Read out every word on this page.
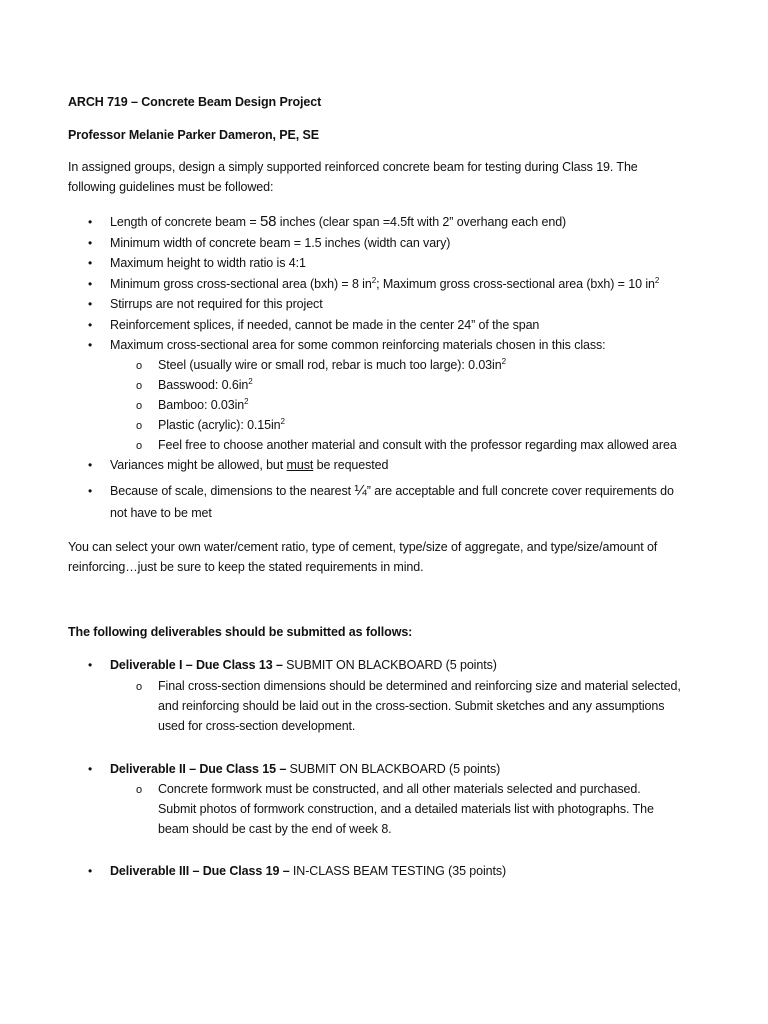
ARCH 719 – Concrete Beam Design Project
Professor Melanie Parker Dameron, PE, SE
In assigned groups, design a simply supported reinforced concrete beam for testing during Class 19. The
following guidelines must be followed:
• Length of concrete beam = 58 inches (clear span =4.5ft with 2” overhang each end)
• Minimum width of concrete beam = 1.5 inches (width can vary)
• Maximum height to width ratio is 4:1
• Minimum gross cross-sectional area (bxh) = 8 $in^2$; Maximum gross cross-sectional area (bxh) = 10 $in^2$
• Stirrups are not required for this project
• Reinforcement splices, if needed, cannot be made in the center 24” of the span
• Maximum cross-sectional area for some common reinforcing materials chosen in this class:
o Steel (usually wire or small rod, rebar is much too large): $0.03in^2$
o Basswood: $0.6in^2$
o Bamboo: $0.03in^2$
o Plastic (acrylic): $0.15in^2$
o Feel free to choose another material and consult with the professor regarding max allowed area
• Variances might be allowed, but must be requested
• Because of scale, dimensions to the nearest ¼” are acceptable and full concrete cover requirements do
not have to be met
You can select your own water/cement ratio, type of cement, type/size of aggregate, and type/size/amount of
reinforcing…just be sure to keep the stated requirements in mind.
The following deliverables should be submitted as follows:
• Deliverable I – Due Class 13 – SUBMIT ON BLACKBOARD (5 points)
o Final cross-section dimensions should be determined and reinforcing size and material selected,
and reinforcing should be laid out in the cross-section. Submit sketches and any assumptions
used for cross-section development.
• Deliverable II – Due Class 15 – SUBMIT ON BLACKBOARD (5 points)
o Concrete formwork must be constructed, and all other materials selected and purchased.
Submit photos of formwork construction, and a detailed materials list with photographs. The
beam should be cast by the end of week 8.
• Deliverable III – Due Class 19 – IN-CLASS BEAM TESTING (35 points)
